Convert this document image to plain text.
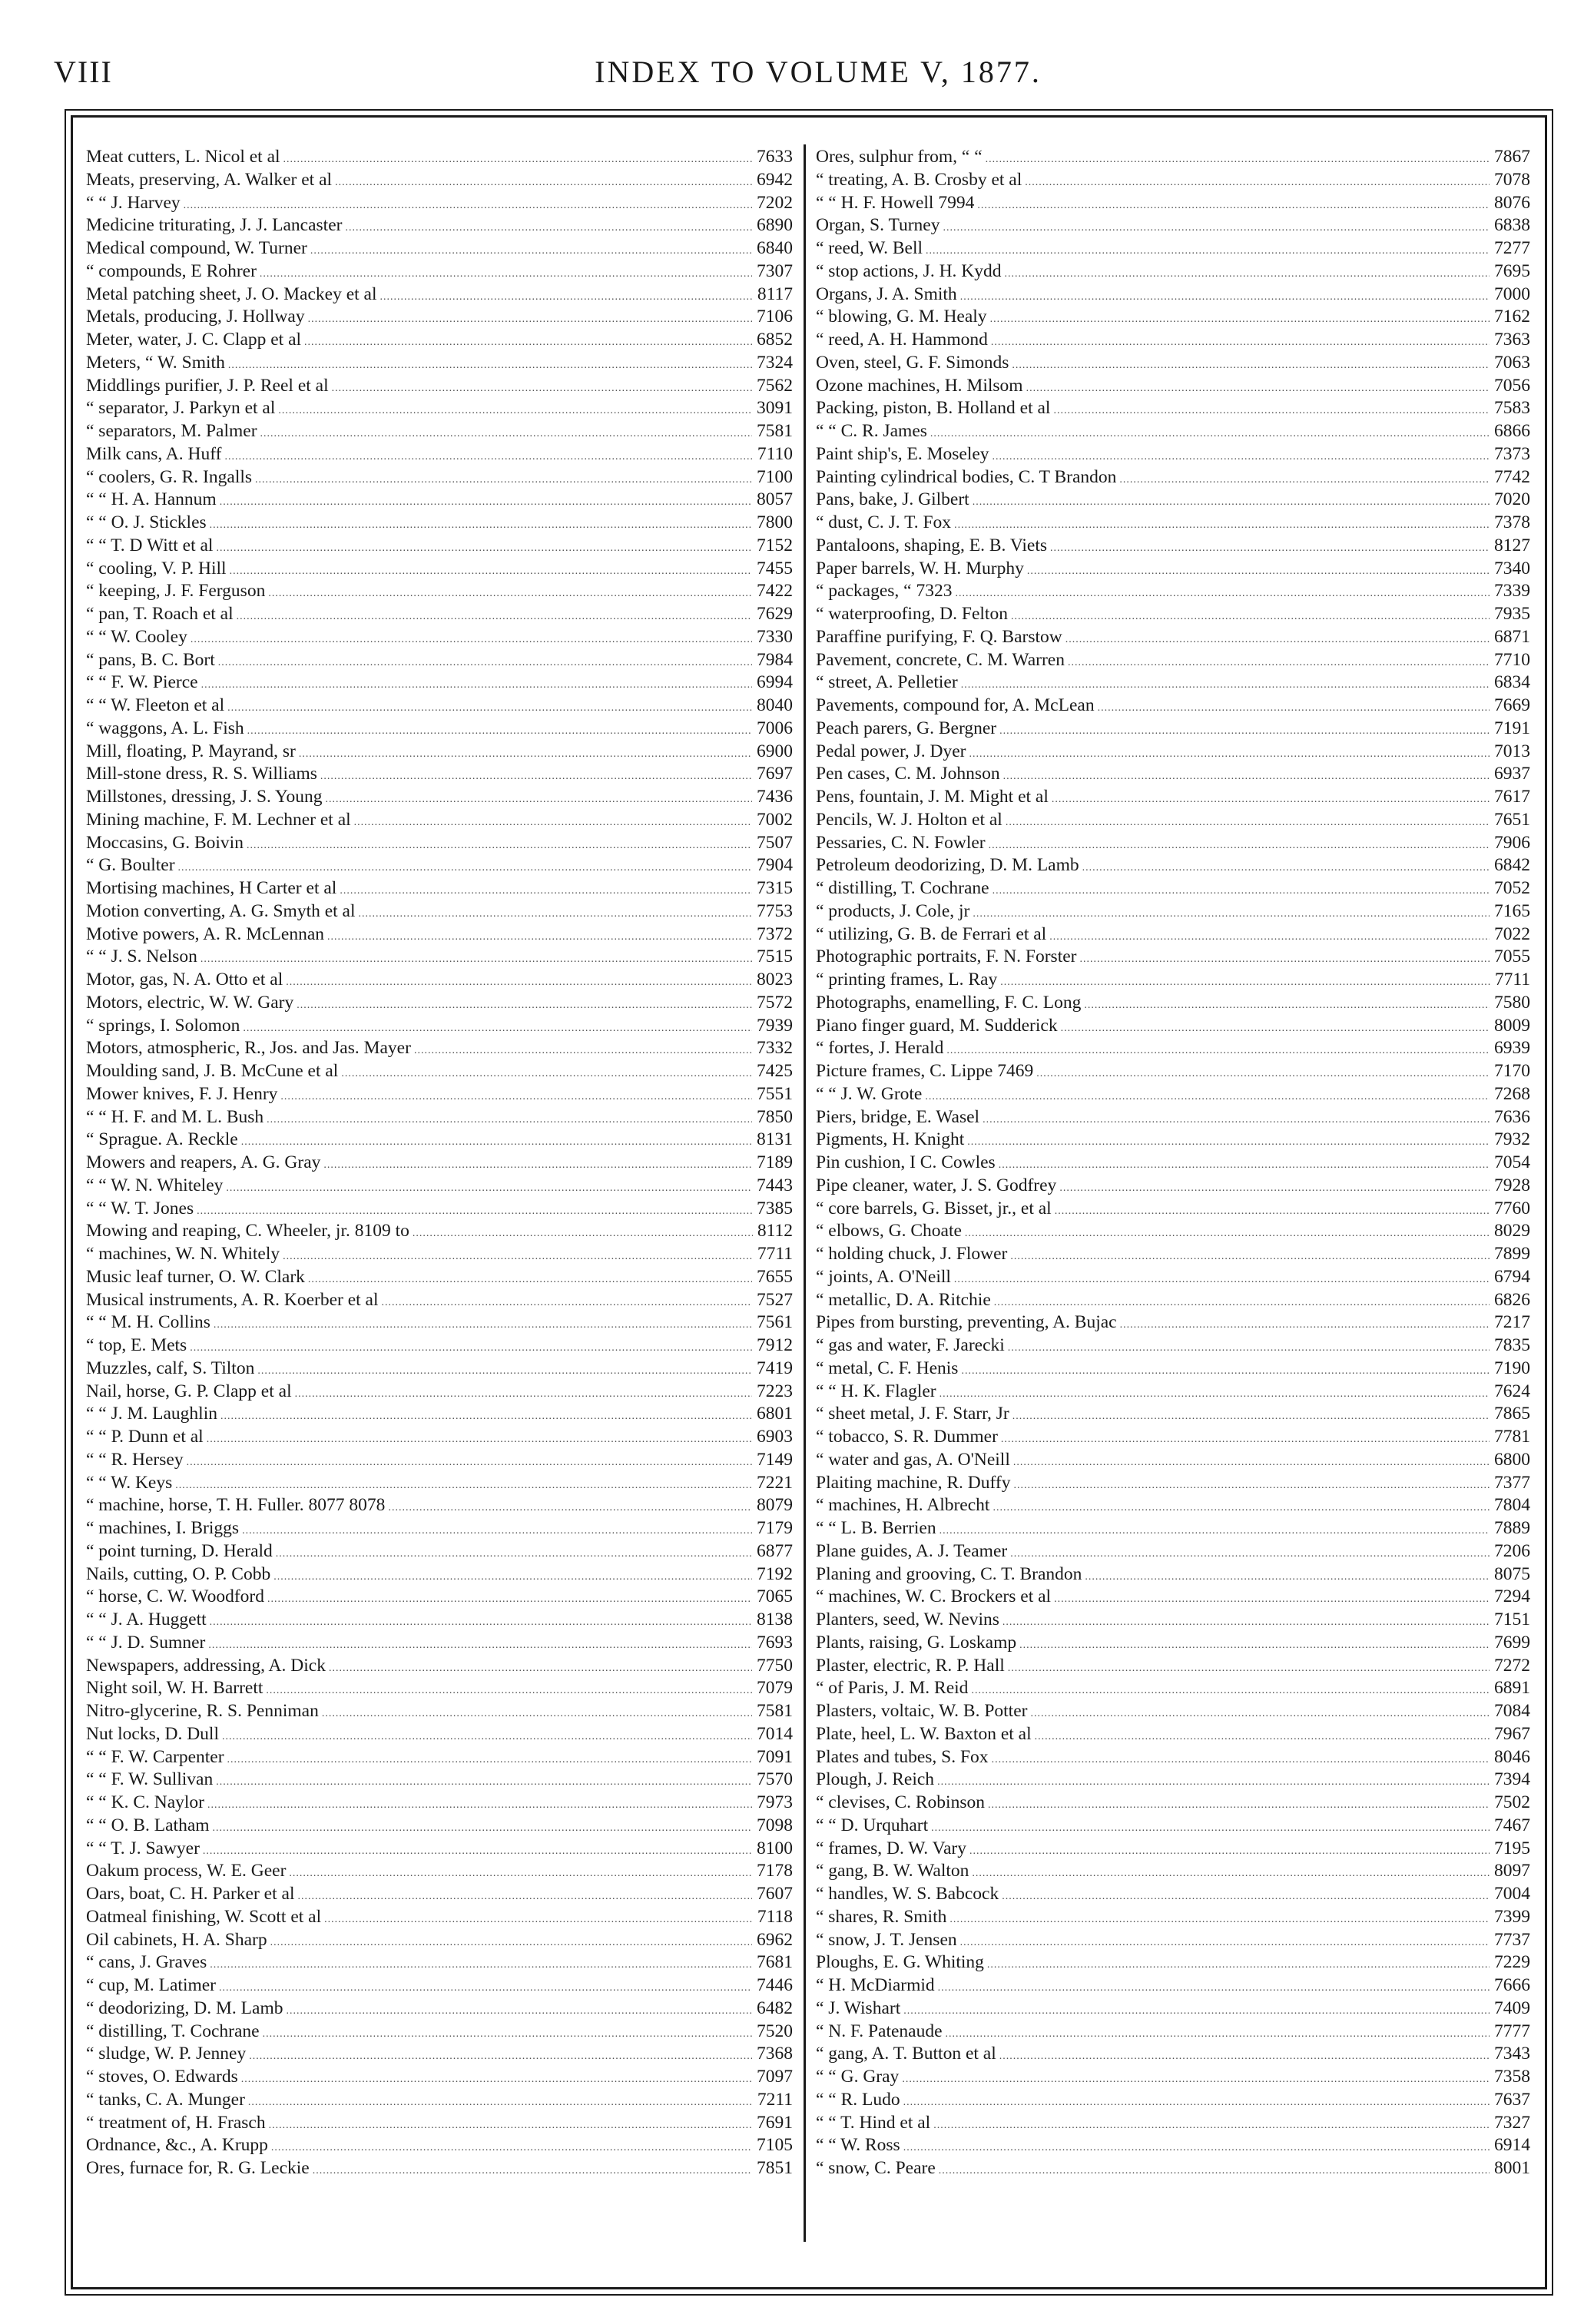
VIII	INDEX TO VOLUME V, 1877.
Meat cutters, L. Nicol et al .....	7633
Meats, preserving, A. Walker et al .....	6942
“ “ J. Harvey .....	7202
Medicine triturating, J. J. Lancaster .....	6890
Medical compound, W. Turner .....	6840
“ compounds, E Rohrer .....	7307
Metal patching sheet, J. O. Mackey et al .....	8117
Metals, producing, J. Hollway .....	7106
Meter, water, J. C. Clapp et al .....	6852
Meters, “ W. Smith .....	7324
Middlings purifier, J. P. Reel et al .....	7562
“ separator, J. Parkyn et al .....	3091
“ separators, M. Palmer .....	7581
Milk cans, A. Huff .....	7110
“ coolers, G. R. Ingalls .....	7100
“ “ H. A. Hannum .....	8057
“ “ O. J. Stickles .....	7800
“ “ T. D Witt et al .....	7152
“ cooling, V. P. Hill .....	7455
“ keeping, J. F. Ferguson .....	7422
“ pan, T. Roach et al .....	7629
“ “ W. Cooley .....	7330
“ pans, B. C. Bort .....	7984
“ “ F. W. Pierce .....	6994
“ “ W. Fleeton et al .....	8040
“ waggons, A. L. Fish .....	7006
Mill, floating, P. Mayrand, sr .....	6900
Mill-stone dress, R. S. Williams .....	7697
Millstones, dressing, J. S. Young .....	7436
Mining machine, F. M. Lechner et al .....	7002
Moccasins, G. Boivin .....	7507
“ G. Boulter .....	7904
Mortising machines, H Carter et al .....	7315
Motion converting, A. G. Smyth et al .....	7753
Motive powers, A. R. McLennan .....	7372
“ “ J. S. Nelson .....	7515
Motor, gas, N. A. Otto et al .....	8023
Motors, electric, W. W. Gary .....	7572
“ springs, I. Solomon .....	7939
Motors, atmospheric, R., Jos. and Jas. Mayer .....	7332
Moulding sand, J. B. McCune et al .....	7425
Mower knives, F. J. Henry .....	7551
“ “ H. F. and M. L. Bush .....	7850
“ Sprague. A. Reckle .....	8131
Mowers and reapers, A. G. Gray .....	7189
“ “ W. N. Whiteley .....	7443
“ “ W. T. Jones .....	7385
Mowing and reaping, C. Wheeler, jr. 8109 to .....	8112
“ machines, W. N. Whitely .....	7711
Music leaf turner, O. W. Clark .....	7655
Musical instruments, A. R. Koerber et al .....	7527
“ “ M. H. Collins .....	7561
“ top, E. Mets .....	7912
Muzzles, calf, S. Tilton .....	7419
Nail, horse, G. P. Clapp et al .....	7223
“ “ J. M. Laughlin .....	6801
“ “ P. Dunn et al .....	6903
“ “ R. Hersey .....	7149
“ “ W. Keys .....	7221
“ machine, horse, T. H. Fuller. 8077 8078 .....	8079
“ machines, I. Briggs .....	7179
“ point turning, D. Herald .....	6877
Nails, cutting, O. P. Cobb .....	7192
“ horse, C. W. Woodford .....	7065
“ “ J. A. Huggett .....	8138
“ “ J. D. Sumner .....	7693
Newspapers, addressing, A. Dick .....	7750
Night soil, W. H. Barrett .....	7079
Nitro-glycerine, R. S. Penniman .....	7581
Nut locks, D. Dull .....	7014
“ “ F. W. Carpenter .....	7091
“ “ F. W. Sullivan .....	7570
“ “ K. C. Naylor .....	7973
“ “ O. B. Latham .....	7098
“ “ T. J. Sawyer .....	8100
Oakum process, W. E. Geer .....	7178
Oars, boat, C. H. Parker et al .....	7607
Oatmeal finishing, W. Scott et al .....	7118
Oil cabinets, H. A. Sharp .....	6962
“ cans, J. Graves .....	7681
“ cup, M. Latimer .....	7446
“ deodorizing, D. M. Lamb .....	6482
“ distilling, T. Cochrane .....	7520
“ sludge, W. P. Jenney .....	7368
“ stoves, O. Edwards .....	7097
“ tanks, C. A. Munger .....	7211
“ treatment of, H. Frasch .....	7691
Ordnance, &c., A. Krupp .....	7105
Ores, furnace for, R. G. Leckie .....	7851
Ores, sulphur from, “ “ .....	7867
“ treating, A. B. Crosby et al .....	7078
“ “ H. F. Howell 7994 .....	8076
Organ, S. Turney .....	6838
“ reed, W. Bell .....	7277
“ stop actions, J. H. Kydd .....	7695
Organs, J. A. Smith .....	7000
“ blowing, G. M. Healy .....	7162
“ reed, A. H. Hammond .....	7363
Oven, steel, G. F. Simonds .....	7063
Ozone machines, H. Milsom .....	7056
Packing, piston, B. Holland et al .....	7583
“ “ C. R. James .....	6866
Paint ship's, E. Moseley .....	7373
Painting cylindrical bodies, C. T Brandon .....	7742
Pans, bake, J. Gilbert .....	7020
“ dust, C. J. T. Fox .....	7378
Pantaloons, shaping, E. B. Viets .....	8127
Paper barrels, W. H. Murphy .....	7340
“ packages, “ 7323 .....	7339
“ waterproofing, D. Felton .....	7935
Paraffine purifying, F. Q. Barstow .....	6871
Pavement, concrete, C. M. Warren .....	7710
“ street, A. Pelletier .....	6834
Pavements, compound for, A. McLean .....	7669
Peach parers, G. Bergner .....	7191
Pedal power, J. Dyer .....	7013
Pen cases, C. M. Johnson .....	6937
Pens, fountain, J. M. Might et al .....	7617
Pencils, W. J. Holton et al .....	7651
Pessaries, C. N. Fowler .....	7906
Petroleum deodorizing, D. M. Lamb .....	6842
“ distilling, T. Cochrane .....	7052
“ products, J. Cole, jr .....	7165
“ utilizing, G. B. de Ferrari et al .....	7022
Photographic portraits, F. N. Forster .....	7055
“ printing frames, L. Ray .....	7711
Photographs, enamelling, F. C. Long .....	7580
Piano finger guard, M. Sudderick .....	8009
“ fortes, J. Herald .....	6939
Picture frames, C. Lippe 7469 .....	7170
“ “ J. W. Grote .....	7268
Piers, bridge, E. Wasel .....	7636
Pigments, H. Knight .....	7932
Pin cushion, I C. Cowles .....	7054
Pipe cleaner, water, J. S. Godfrey .....	7928
“ core barrels, G. Bisset, jr., et al .....	7760
“ elbows, G. Choate .....	8029
“ holding chuck, J. Flower .....	7899
“ joints, A. O'Neill .....	6794
“ metallic, D. A. Ritchie .....	6826
Pipes from bursting, preventing, A. Bujac .....	7217
“ gas and water, F. Jarecki .....	7835
“ metal, C. F. Henis .....	7190
“ “ H. K. Flagler .....	7624
“ sheet metal, J. F. Starr, Jr .....	7865
“ tobacco, S. R. Dummer .....	7781
“ water and gas, A. O'Neill .....	6800
Plaiting machine, R. Duffy .....	7377
“ machines, H. Albrecht .....	7804
“ “ L. B. Berrien .....	7889
Plane guides, A. J. Teamer .....	7206
Planing and grooving, C. T. Brandon .....	8075
“ machines, W. C. Brockers et al .....	7294
Planters, seed, W. Nevins .....	7151
Plants, raising, G. Loskamp .....	7699
Plaster, electric, R. P. Hall .....	7272
“ of Paris, J. M. Reid .....	6891
Plasters, voltaic, W. B. Potter .....	7084
Plate, heel, L. W. Baxton et al .....	7967
Plates and tubes, S. Fox .....	8046
Plough, J. Reich .....	7394
“ clevises, C. Robinson .....	7502
“ “ D. Urquhart .....	7467
“ frames, D. W. Vary .....	7195
“ gang, B. W. Walton .....	8097
“ handles, W. S. Babcock .....	7004
“ shares, R. Smith .....	7399
“ snow, J. T. Jensen .....	7737
Ploughs, E. G. Whiting .....	7229
“ H. McDiarmid .....	7666
“ J. Wishart .....	7409
“ N. F. Patenaude .....	7777
“ gang, A. T. Button et al .....	7343
“ “ G. Gray .....	7358
“ “ R. Ludo .....	7637
“ “ T. Hind et al .....	7327
“ “ W. Ross .....	6914
“ snow, C. Peare .....	8001
